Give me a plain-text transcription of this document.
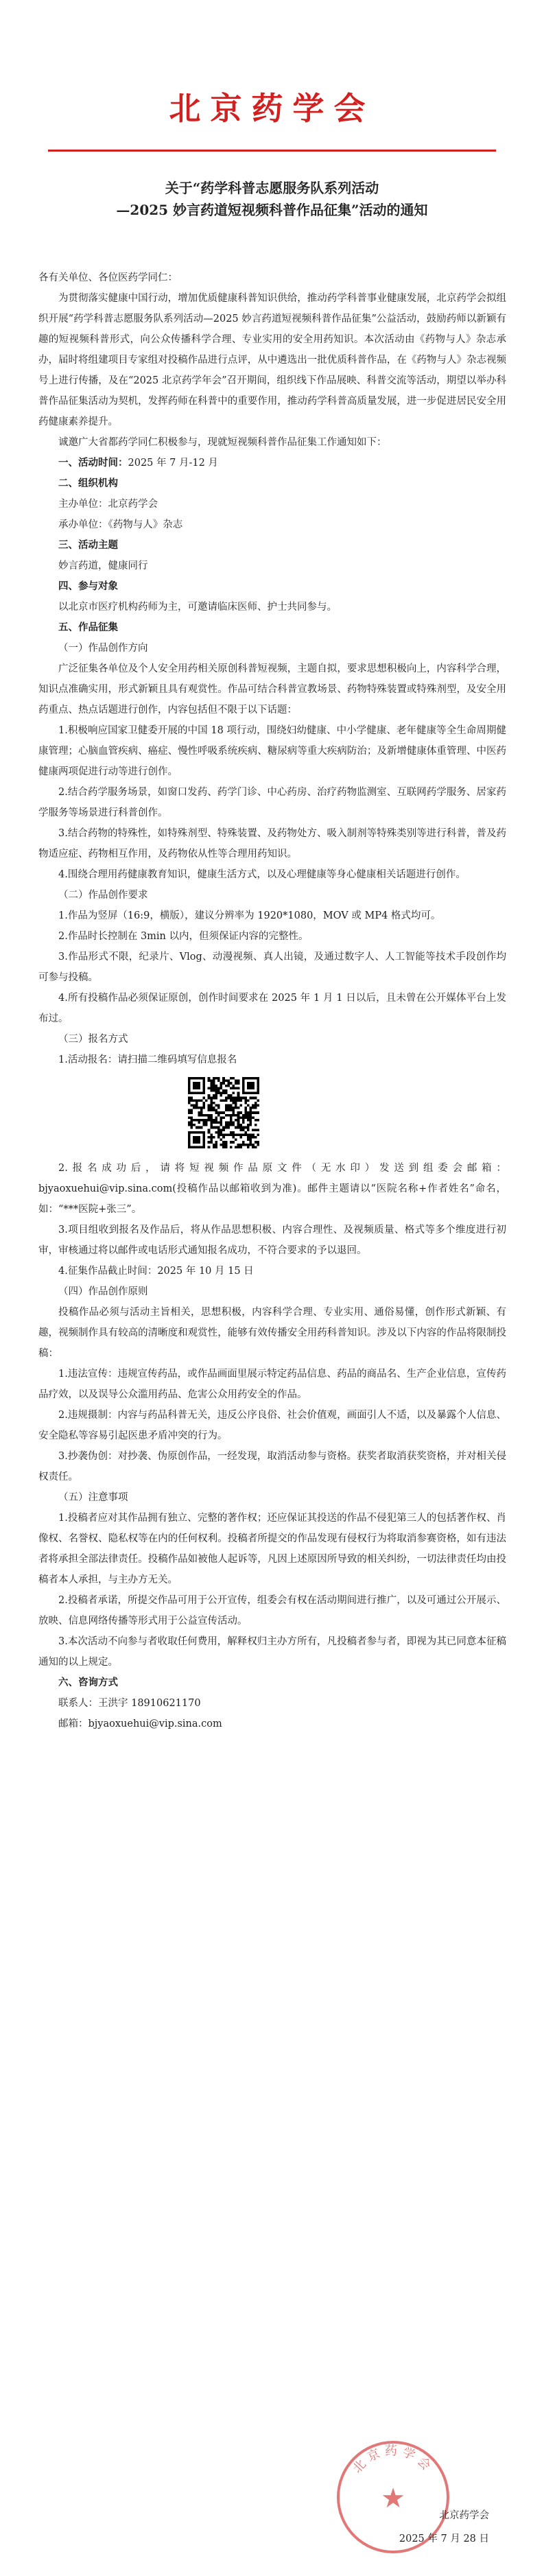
北京药学会
关于“药学科普志愿服务队系列活动
—2025 妙言药道短视频科普作品征集”活动的通知

各有关单位、各位医药学同仁：

为贯彻落实健康中国行动，增加优质健康科普知识供给，推动药学科普事业健康发展，北京药学会拟组织开展“药学科普志愿服务队系列活动—2025 妙言药道短视频科普作品征集”公益活动，鼓励药师以新颖有趣的短视频科普形式，向公众传播科学合理、专业实用的安全用药知识。本次活动由《药物与人》杂志承办，届时将组建项目专家组对投稿作品进行点评，从中遴选出一批优质科普作品，在《药物与人》杂志视频号上进行传播，及在“2025 北京药学年会”召开期间，组织线下作品展映、科普交流等活动，期望以举办科普作品征集活动为契机，发挥药师在科普中的重要作用，推动药学科普高质量发展，进一步促进居民安全用药健康素养提升。

诚邀广大省都药学同仁积极参与，现就短视频科普作品征集工作通知如下：

一、活动时间：2025 年 7 月-12 月

二、组织机构

主办单位：北京药学会

承办单位：《药物与人》杂志

三、活动主题

妙言药道，健康同行

四、参与对象

以北京市医疗机构药师为主，可邀请临床医师、护士共同参与。

五、作品征集

（一）作品创作方向

广泛征集各单位及个人安全用药相关原创科普短视频，主题自拟，要求思想积极向上，内容科学合理，知识点准确实用，形式新颖且具有观赏性。作品可结合科普宣教场景、药物特殊装置或特殊剂型，及安全用药重点、热点话题进行创作，内容包括但不限于以下话题：

1.积极响应国家卫健委开展的中国 18 项行动，围绕妇幼健康、中小学健康、老年健康等全生命周期健康管理；心脑血管疾病、癌症、慢性呼吸系统疾病、糖尿病等重大疾病防治；及新增健康体重管理、中医药健康两项促进行动等进行创作。

2.结合药学服务场景，如窗口发药、药学门诊、中心药房、治疗药物监测室、互联网药学服务、居家药学服务等场景进行科普创作。

3.结合药物的特殊性，如特殊剂型、特殊装置、及药物处方、吸入制剂等特殊类别等进行科普，普及药物适应症、药物相互作用，及药物依从性等合理用药知识。

4.围绕合理用药健康教育知识，健康生活方式，以及心理健康等身心健康相关话题进行创作。

（二）作品创作要求

1.作品为竖屏（16:9，横版），建议分辨率为 1920*1080，MOV 或 MP4 格式均可。

2.作品时长控制在 3min 以内，但须保证内容的完整性。

3.作品形式不限，纪录片、Vlog、动漫视频、真人出镜，及通过数字人、人工智能等技术手段创作均可参与投稿。

4.所有投稿作品必须保证原创，创作时间要求在 2025 年 1 月 1 日以后，且未曾在公开媒体平台上发布过。

（三）报名方式

1.活动报名：请扫描二维码填写信息报名

2.报名成功后，请将短视频作品原文件（无水印）发送到组委会邮箱：bjyaoxuehui@vip.sina.com(投稿作品以邮箱收到为准)。邮件主题请以“医院名称+作者姓名”命名，如：“***医院+张三”。

3.项目组收到报名及作品后，将从作品思想积极、内容合理性、及视频质量、格式等多个维度进行初审，审核通过将以邮件或电话形式通知报名成功，不符合要求的予以退回。

4.征集作品截止时间：2025 年 10 月 15 日

（四）作品创作原则

投稿作品必须与活动主旨相关，思想积极，内容科学合理、专业实用、通俗易懂，创作形式新颖、有趣，视频制作具有较高的清晰度和观赏性，能够有效传播安全用药科普知识。涉及以下内容的作品将限制投稿：

1.违法宣传：违规宣传药品，或作品画面里展示特定药品信息、药品的商品名、生产企业信息，宣传药品疗效，以及误导公众滥用药品、危害公众用药安全的作品。

2.违规摄制：内容与药品科普无关，违反公序良俗、社会价值观，画面引人不适，以及暴露个人信息、安全隐私等容易引起医患矛盾冲突的行为。

3.抄袭伪创：对抄袭、伪原创作品，一经发现，取消活动参与资格。获奖者取消获奖资格，并对相关侵权责任。

（五）注意事项

1.投稿者应对其作品拥有独立、完整的著作权；还应保证其投送的作品不侵犯第三人的包括著作权、肖像权、名誉权、隐私权等在内的任何权利。投稿者所提交的作品发现有侵权行为将取消参赛资格，如有违法者将承担全部法律责任。投稿作品如被他人起诉等，凡因上述原因所导致的相关纠纷，一切法律责任均由投稿者本人承担，与主办方无关。

2.投稿者承诺，所提交作品可用于公开宣传，组委会有权在活动期间进行推广，以及可通过公开展示、放映、信息网络传播等形式用于公益宣传活动。

3.本次活动不向参与者收取任何费用，解释权归主办方所有，凡投稿者参与者，即视为其已同意本征稿通知的以上规定。

六、咨询方式

联系人：王洪宇 18910621170

邮箱：bjyaoxuehui@vip.sina.com

北京药学会
★
北京药学会
2025 年 7 月 28 日
